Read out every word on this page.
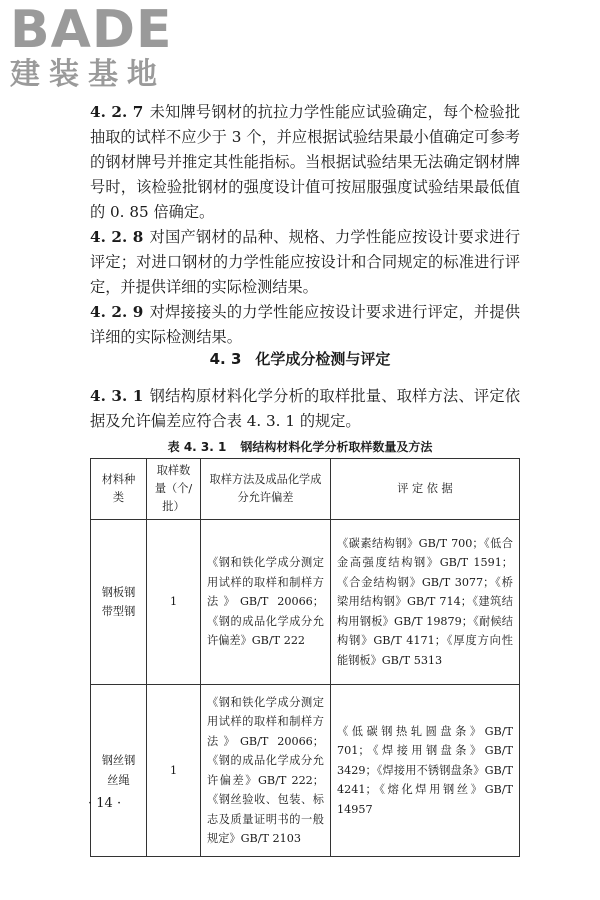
BADE
建装基地

4. 2. 7 未知牌号钢材的抗拉力学性能应试验确定，每个检验批抽取的试样不应少于 3 个，并应根据试验结果最小值确定可参考的钢材牌号并推定其性能指标。当根据试验结果无法确定钢材牌号时，该检验批钢材的强度设计值可按屈服强度试验结果最低值的 0. 85 倍确定。

4. 2. 8 对国产钢材的品种、规格、力学性能应按设计要求进行评定；对进口钢材的力学性能应按设计和合同规定的标准进行评定，并提供详细的实际检测结果。

4. 2. 9 对焊接接头的力学性能应按设计要求进行评定，并提供详细的实际检测结果。

4. 3 化学成分检测与评定

4. 3. 1 钢结构原材料化学分析的取样批量、取样方法、评定依据及允许偏差应符合表 4. 3. 1 的规定。

表 4. 3. 1 钢结构材料化学分析取样数量及方法

材料种类	取样数量（个/批）	取样方法及成品化学成分允许偏差	评 定 依 据
钢板钢带型钢	1	《钢和铁化学成分测定用试样的取样和制样方法》GB/T 20066；《钢的成品化学成分允许偏差》GB/T 222	《碳素结构钢》GB/T 700；《低合金高强度结构钢》GB/T 1591；《合金结构钢》GB/T 3077；《桥梁用结构钢》GB/T 714；《建筑结构用钢板》GB/T 19879；《耐候结构钢》GB/T 4171；《厚度方向性能钢板》GB/T 5313
钢丝钢丝绳	1	《钢和铁化学成分测定用试样的取样和制样方法》GB/T 20066；《钢的成品化学成分允许偏差》GB/T 222；《钢丝验收、包装、标志及质量证明书的一般规定》GB/T 2103	《低碳钢热轧圆盘条》GB/T 701；《焊接用钢盘条》GB/T 3429；《焊接用不锈钢盘条》GB/T 4241；《熔化焊用钢丝》GB/T 14957
· 14 ·
